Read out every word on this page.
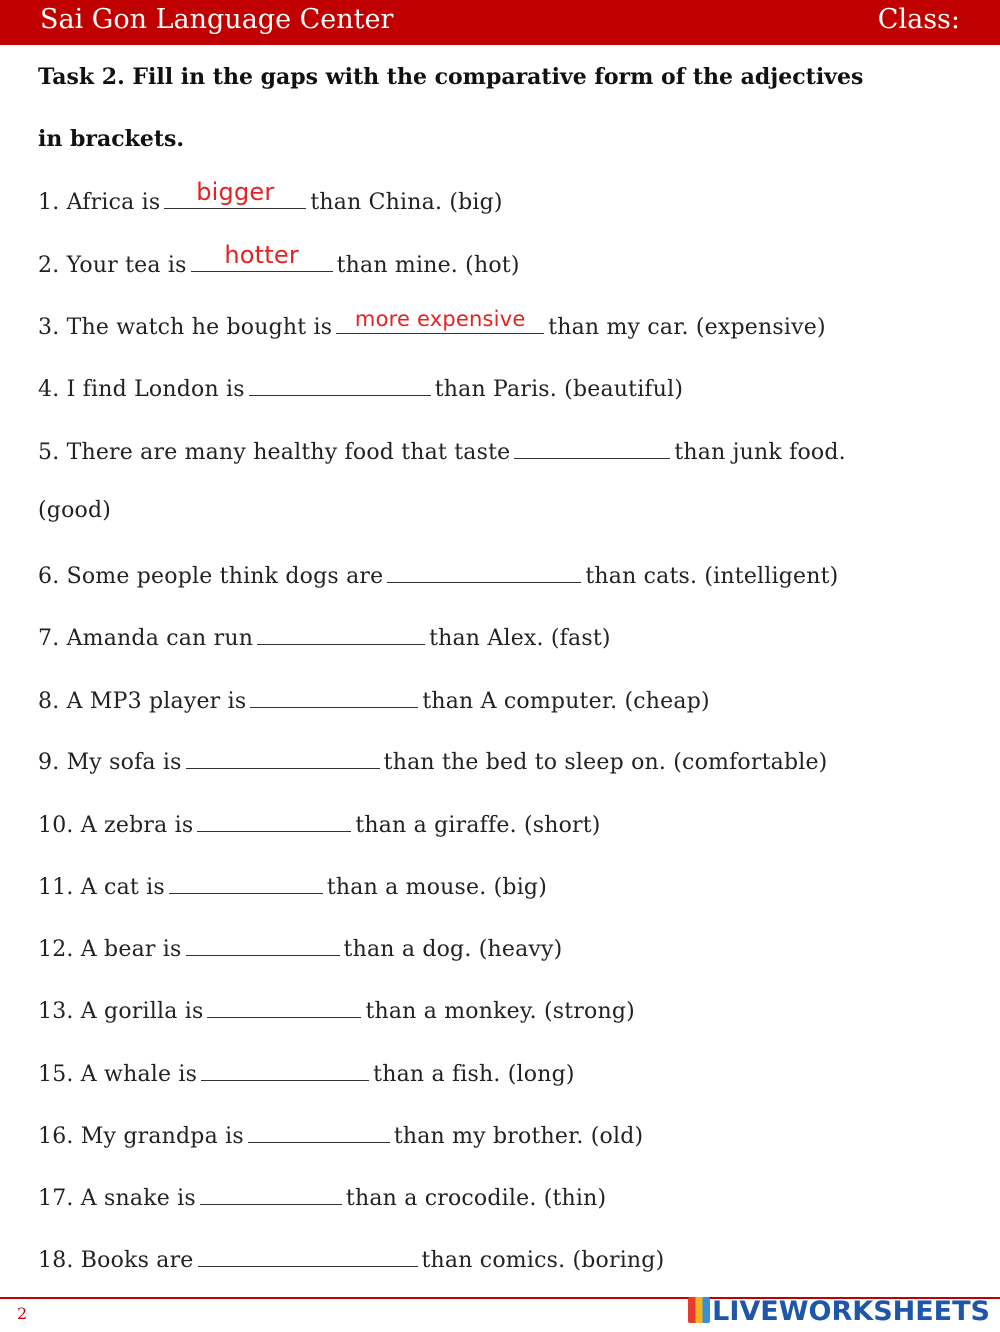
Sai Gon Language Center	Class:
Task 2. Fill in the gaps with the comparative form of the adjectives
in brackets.
1. Africa is	bigger	than China. (big)
2. Your tea is	hotter	than mine. (hot)
3. The watch he bought is	more expensive	than my car. (expensive)
4. I find London is	than Paris. (beautiful)
5. There are many healthy food that taste	than junk food.
(good)
6. Some people think dogs are	than cats. (intelligent)
7. Amanda can run	than Alex. (fast)
8. A MP3 player is	than A computer. (cheap)
9. My sofa is	than the bed to sleep on. (comfortable)
10. A zebra is	than a giraffe. (short)
11. A cat is	than a mouse. (big)
12. A bear is	than a dog. (heavy)
13. A gorilla is	than a monkey. (strong)
15. A whale is	than a fish. (long)
16. My grandpa is	than my brother. (old)
17. A snake is	than a crocodile. (thin)
18. Books are	than comics. (boring)
2	LIVEWORKSHEETS
